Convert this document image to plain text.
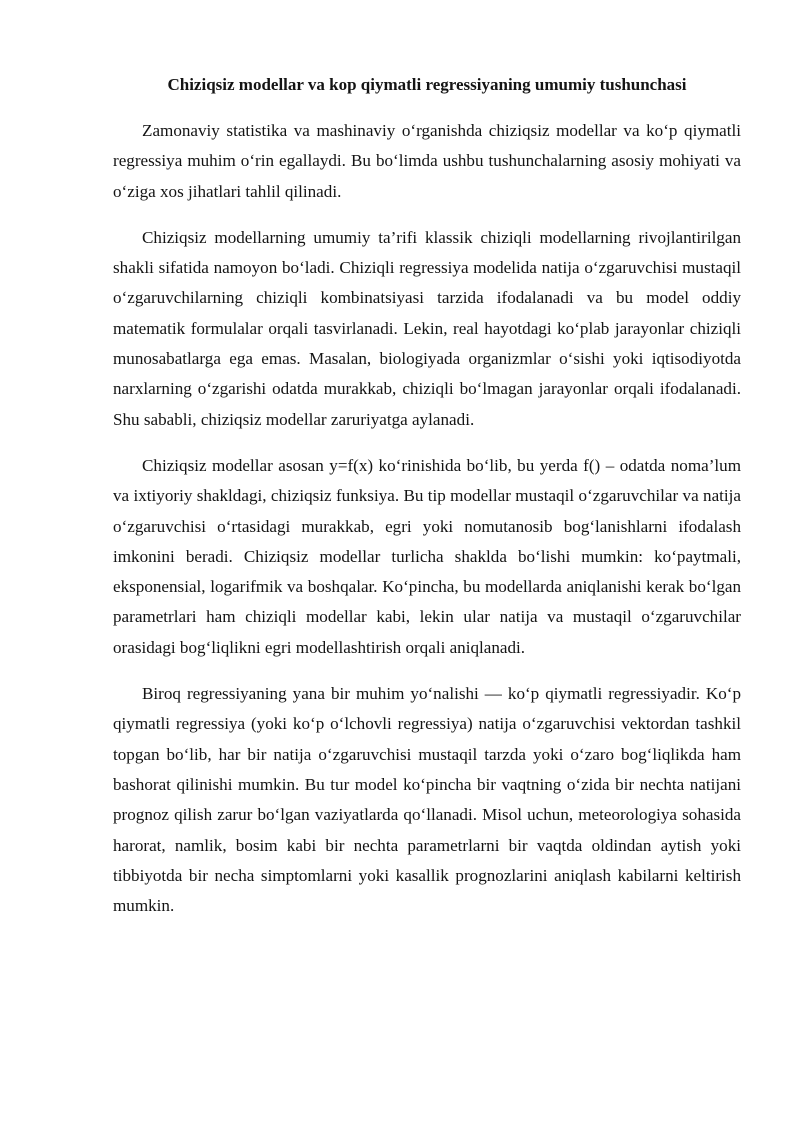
Chiziqsiz modellar va kop qiymatli regressiyaning umumiy tushunchasi

Zamonaviy statistika va mashinaviy o‘rganishda chiziqsiz modellar va ko‘p qiymatli regressiya muhim o‘rin egallaydi. Bu bo‘limda ushbu tushunchalarning asosiy mohiyati va o‘ziga xos jihatlari tahlil qilinadi.

Chiziqsiz modellarning umumiy ta’rifi klassik chiziqli modellarning rivojlantirilgan shakli sifatida namoyon bo‘ladi. Chiziqli regressiya modelida natija o‘zgaruvchisi mustaqil o‘zgaruvchilarning chiziqli kombinatsiyasi tarzida ifodalanadi va bu model oddiy matematik formulalar orqali tasvirlanadi. Lekin, real hayotdagi ko‘plab jarayonlar chiziqli munosabatlarga ega emas. Masalan, biologiyada organizmlar o‘sishi yoki iqtisodiyotda narxlarning o‘zgarishi odatda murakkab, chiziqli bo‘lmagan jarayonlar orqali ifodalanadi. Shu sababli, chiziqsiz modellar zaruriyatga aylanadi.

Chiziqsiz modellar asosan y=f(x) ko‘rinishida bo‘lib, bu yerda f() – odatda noma’lum va ixtiyoriy shakldagi, chiziqsiz funksiya. Bu tip modellar mustaqil o‘zgaruvchilar va natija o‘zgaruvchisi o‘rtasidagi murakkab, egri yoki nomutanosib bog‘lanishlarni ifodalash imkonini beradi. Chiziqsiz modellar turlicha shaklda bo‘lishi mumkin: ko‘paytmali, eksponensial, logarifmik va boshqalar. Ko‘pincha, bu modellarda aniqlanishi kerak bo‘lgan parametrlari ham chiziqli modellar kabi, lekin ular natija va mustaqil o‘zgaruvchilar orasidagi bog‘liqlikni egri modellashtirish orqali aniqlanadi.

Biroq regressiyaning yana bir muhim yo‘nalishi — ko‘p qiymatli regressiyadir. Ko‘p qiymatli regressiya (yoki ko‘p o‘lchovli regressiya) natija o‘zgaruvchisi vektordan tashkil topgan bo‘lib, har bir natija o‘zgaruvchisi mustaqil tarzda yoki o‘zaro bog‘liqlikda ham bashorat qilinishi mumkin. Bu tur model ko‘pincha bir vaqtning o‘zida bir nechta natijani prognoz qilish zarur bo‘lgan vaziyatlarda qo‘llanadi. Misol uchun, meteorologiya sohasida harorat, namlik, bosim kabi bir nechta parametrlarni bir vaqtda oldindan aytish yoki tibbiyotda bir necha simptomlarni yoki kasallik prognozlarini aniqlash kabilarni keltirish mumkin.
